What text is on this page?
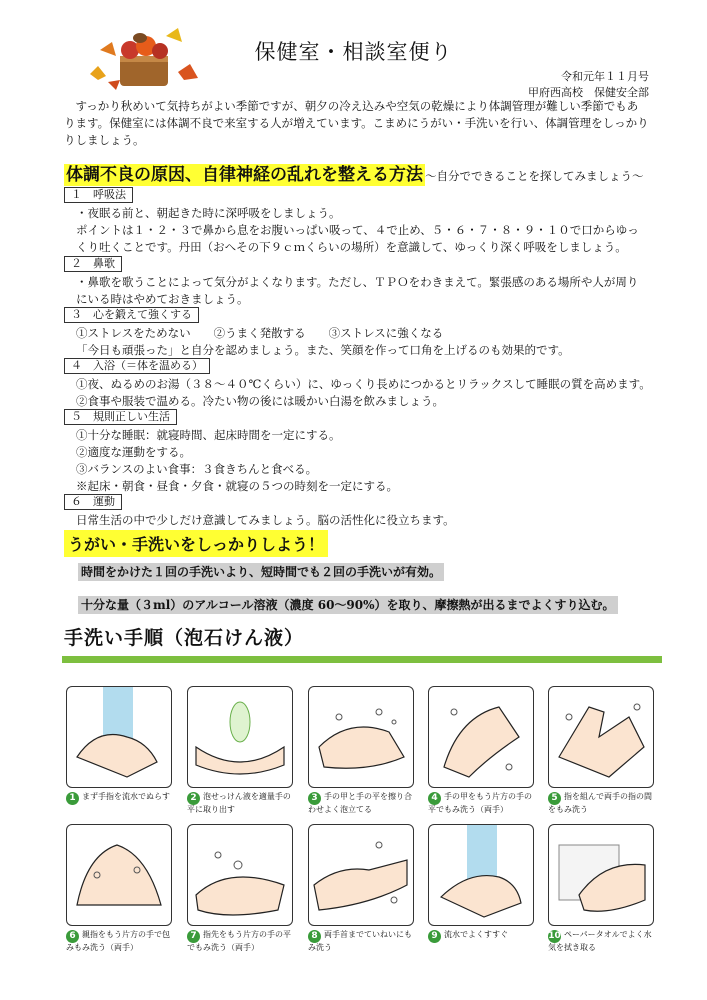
保健室・相談室便り
令和元年１１月号
甲府西高校　保健安全部
　すっかり秋めいて気持ちがよい季節ですが、朝夕の冷え込みや空気の乾燥により体調管理が難しい季節でもあ
ります。保健室には体調不良で来室する人が増えています。こまめにうがい・手洗いを行い、体調管理をしっかり
りしましょう。
体調不良の原因、自律神経の乱れを整える方法 ～自分でできることを探してみましょう～
１　呼吸法
・夜眠る前と、朝起きた時に深呼吸をしましょう。
ポイントは１・２・３で鼻から息をお腹いっぱい吸って、４で止め、５・６・７・８・９・１０で口からゆっ
くり吐くことです。丹田（おへその下９ｃｍくらいの場所）を意識して、ゆっくり深く呼吸をしましょう。
２　鼻歌
・鼻歌を歌うことによって気分がよくなります。ただし、ＴＰＯをわきまえて。緊張感のある場所や人が周り
にいる時はやめておきましょう。
３　心を鍛えて強くする
①ストレスをためない　　②うまく発散する　　③ストレスに強くなる
「今日も頑張った」と自分を認めましょう。また、笑顔を作って口角を上げるのも効果的です。
４　入浴（＝体を温める）
①夜、ぬるめのお湯（３８～４０℃くらい）に、ゆっくり長めにつかるとリラックスして睡眠の質を高めます。
②食事や服装で温める。冷たい物の後には暖かい白湯を飲みましょう。
５　規則正しい生活
①十分な睡眠：就寝時間、起床時間を一定にする。
②適度な運動をする。
③バランスのよい食事：３食きちんと食べる。
※起床・朝食・昼食・夕食・就寝の５つの時刻を一定にする。
６　運動
日常生活の中で少しだけ意識してみましょう。脳の活性化に役立ちます。
うがい・手洗いをしっかりしよう！
時間をかけた１回の手洗いより、短時間でも２回の手洗いが有効。
十分な量（３ml）のアルコール溶液（濃度 60～90%）を取り、摩擦熱が出るまでよくすり込む。
手洗い手順（泡石けん液）
1 まず手指を流水でぬらす	2 泡せっけん液を適量手の平に取り出す
3 手の甲と手の平を擦り合わせよく泡立てる
4 手の甲をもう片方の手の平でもみ洗う（両手）
5 指を組んで両手の指の間をもみ洗う
6 親指をもう片方の手で包みもみ洗う（両手）
7 指先をもう片方の手の平でもみ洗う（両手）
8 両手首までていねいにもみ洗う
9 流水でよくすすぐ	10 ペーパータオルでよく水気を拭き取る
